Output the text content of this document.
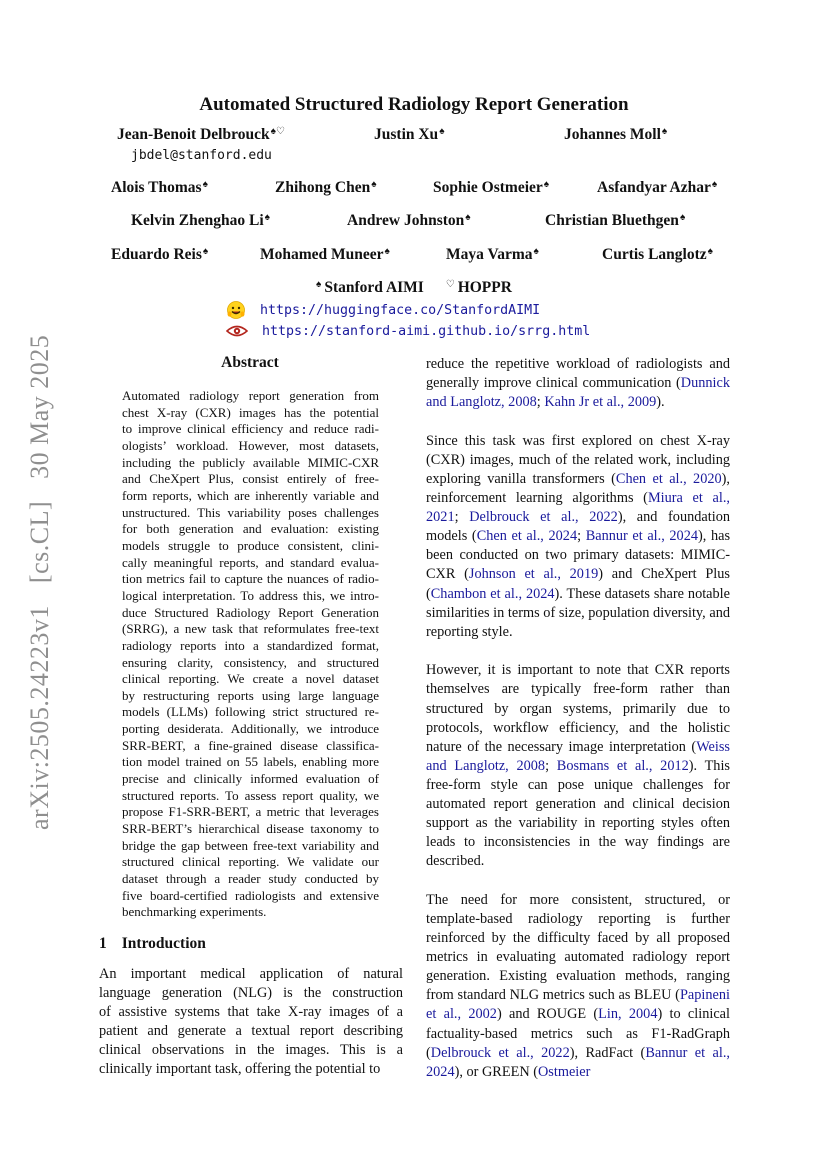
arXiv:2505.24223v1
[cs.CL]
30 May 2025
Automated Structured Radiology Report Generation
Jean-Benoit Delbrouck♠♡
jbdel@stanford.edu
Justin Xu♠	Johannes Moll♠
Alois Thomas♠	Zhihong Chen♠	Sophie Ostmeier♠	Asfandyar Azhar♠
Kelvin Zhenghao Li♠	Andrew Johnston♠	Christian Bluethgen♠
Eduardo Reis♠	Mohamed Muneer♠	Maya Varma♠	Curtis Langlotz♠
♠ Stanford AIMI ♡ HOPPR
https://huggingface.co/StanfordAIMI
https://stanford-aimi.github.io/srrg.html
Abstract
Automated radiology report generation from
chest X-ray (CXR) images has the potential
to improve clinical efficiency and reduce radi-
ologists’ workload. However, most datasets,
including the publicly available MIMIC-CXR
and CheXpert Plus, consist entirely of free-
form reports, which are inherently variable and
unstructured. This variability poses challenges
for both generation and evaluation: existing
models struggle to produce consistent, clini-
cally meaningful reports, and standard evalua-
tion metrics fail to capture the nuances of radio-
logical interpretation. To address this, we intro-
duce Structured Radiology Report Generation
(SRRG), a new task that reformulates free-text
radiology reports into a standardized format,
ensuring clarity, consistency, and structured
clinical reporting. We create a novel dataset
by restructuring reports using large language
models (LLMs) following strict structured re-
porting desiderata. Additionally, we introduce
SRR-BERT, a fine-grained disease classifica-
tion model trained on 55 labels, enabling more
precise and clinically informed evaluation of
structured reports. To assess report quality, we
propose F1-SRR-BERT, a metric that leverages
SRR-BERT’s hierarchical disease taxonomy to
bridge the gap between free-text variability and
structured clinical reporting. We validate our
dataset through a reader study conducted by
five board-certified radiologists and extensive
benchmarking experiments.
1 Introduction
An important medical application of natural
language generation (NLG) is the construction
of assistive systems that take X-ray images of a
patient and generate a textual report describing
clinical observations in the images. This is a
clinically important task, offering the potential to

reduce the repetitive workload of radiologists and generally improve clinical communication (Dunnick and Langlotz, 2008; Kahn Jr et al., 2009).

Since this task was first explored on chest X-ray (CXR) images, much of the related work, including exploring vanilla transformers (Chen et al., 2020), reinforcement learning algorithms (Miura et al., 2021; Delbrouck et al., 2022), and foundation models (Chen et al., 2024; Bannur et al., 2024), has been conducted on two primary datasets: MIMIC-CXR (Johnson et al., 2019) and CheXpert Plus (Chambon et al., 2024). These datasets share notable similarities in terms of size, population diversity, and reporting style.

However, it is important to note that CXR reports themselves are typically free-form rather than structured by organ systems, primarily due to protocols, workflow efficiency, and the holistic nature of the necessary image interpretation (Weiss and Langlotz, 2008; Bosmans et al., 2012). This free-form style can pose unique challenges for automated report generation and clinical decision support as the variability in reporting styles often leads to inconsistencies in the way findings are described.

The need for more consistent, structured, or template-based radiology reporting is further reinforced by the difficulty faced by all proposed metrics in evaluating automated radiology report generation. Existing evaluation methods, ranging from standard NLG metrics such as BLEU (Papineni et al., 2002) and ROUGE (Lin, 2004) to clinical factuality-based metrics such as F1-RadGraph (Delbrouck et al., 2022), RadFact (Bannur et al., 2024), or GREEN (Ostmeier
